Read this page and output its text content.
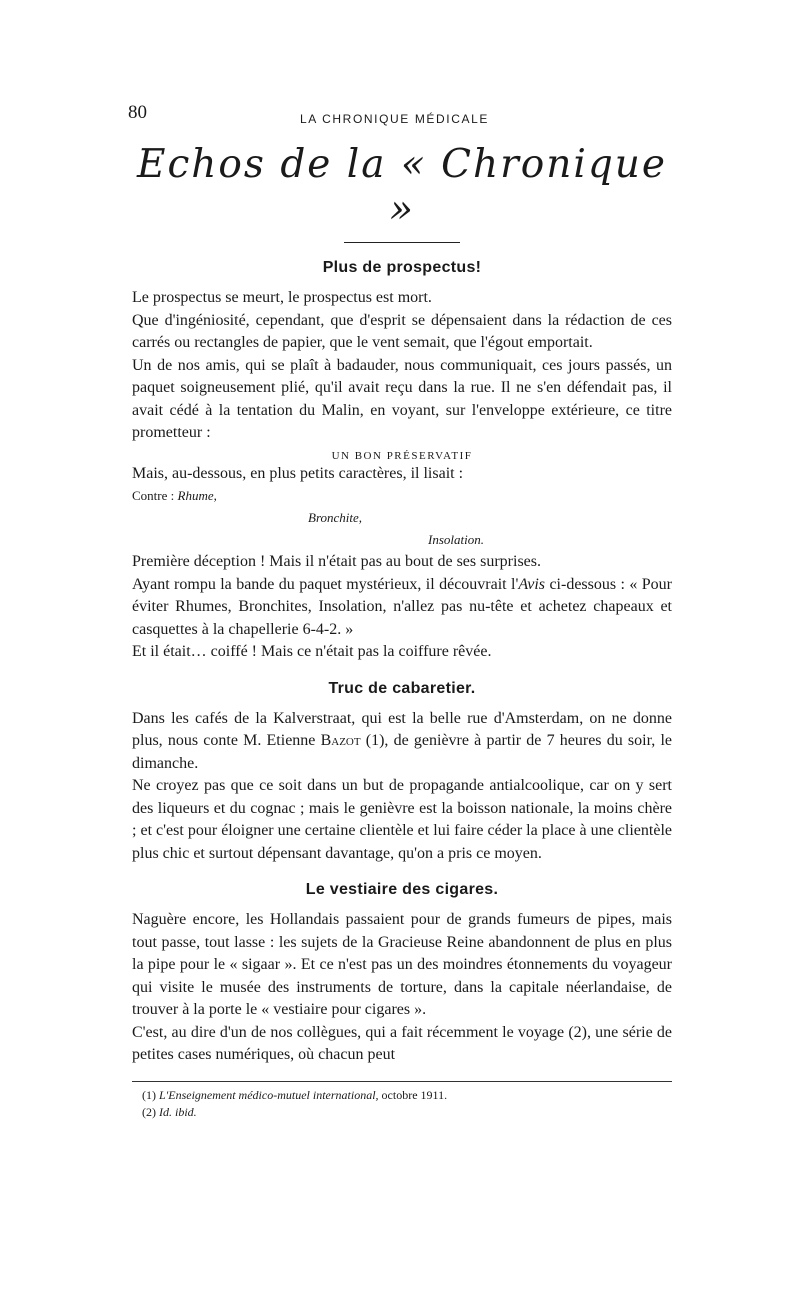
80	LA CHRONIQUE MÉDICALE
Echos de la « Chronique »
Plus de prospectus!

Le prospectus se meurt, le prospectus est mort.

Que d'ingéniosité, cependant, que d'esprit se dépensaient dans la rédaction de ces carrés ou rectangles de papier, que le vent semait, que l'égout emportait.

Un de nos amis, qui se plaît à badauder, nous communiquait, ces jours passés, un paquet soigneusement plié, qu'il avait reçu dans la rue. Il ne s'en défendait pas, il avait cédé à la tentation du Malin, en voyant, sur l'enveloppe extérieure, ce titre prometteur :

UN BON PRÉSERVATIF

Mais, au-dessous, en plus petits caractères, il lisait :

Contre : Rhume,
Bronchite,
Insolation.

Première déception ! Mais il n'était pas au bout de ses surprises.

Ayant rompu la bande du paquet mystérieux, il découvrait l'Avis ci-dessous : « Pour éviter Rhumes, Bronchites, Insolation, n'allez pas nu-tête et achetez chapeaux et casquettes à la chapellerie 6-4-2. »

Et il était… coiffé ! Mais ce n'était pas la coiffure rêvée.

Truc de cabaretier.

Dans les cafés de la Kalverstraat, qui est la belle rue d'Amsterdam, on ne donne plus, nous conte M. Etienne Bazot (1), de genièvre à partir de 7 heures du soir, le dimanche.

Ne croyez pas que ce soit dans un but de propagande antialcoolique, car on y sert des liqueurs et du cognac ; mais le genièvre est la boisson nationale, la moins chère ; et c'est pour éloigner une certaine clientèle et lui faire céder la place à une clientèle plus chic et surtout dépensant davantage, qu'on a pris ce moyen.

Le vestiaire des cigares.

Naguère encore, les Hollandais passaient pour de grands fumeurs de pipes, mais tout passe, tout lasse : les sujets de la Gracieuse Reine abandonnent de plus en plus la pipe pour le « sigaar ». Et ce n'est pas un des moindres étonnements du voyageur qui visite le musée des instruments de torture, dans la capitale néerlandaise, de trouver à la porte le « vestiaire pour cigares ».

C'est, au dire d'un de nos collègues, qui a fait récemment le voyage (2), une série de petites cases numériques, où chacun peut

(1) L'Enseignement médico-mutuel international, octobre 1911.
(2) Id. ibid.
